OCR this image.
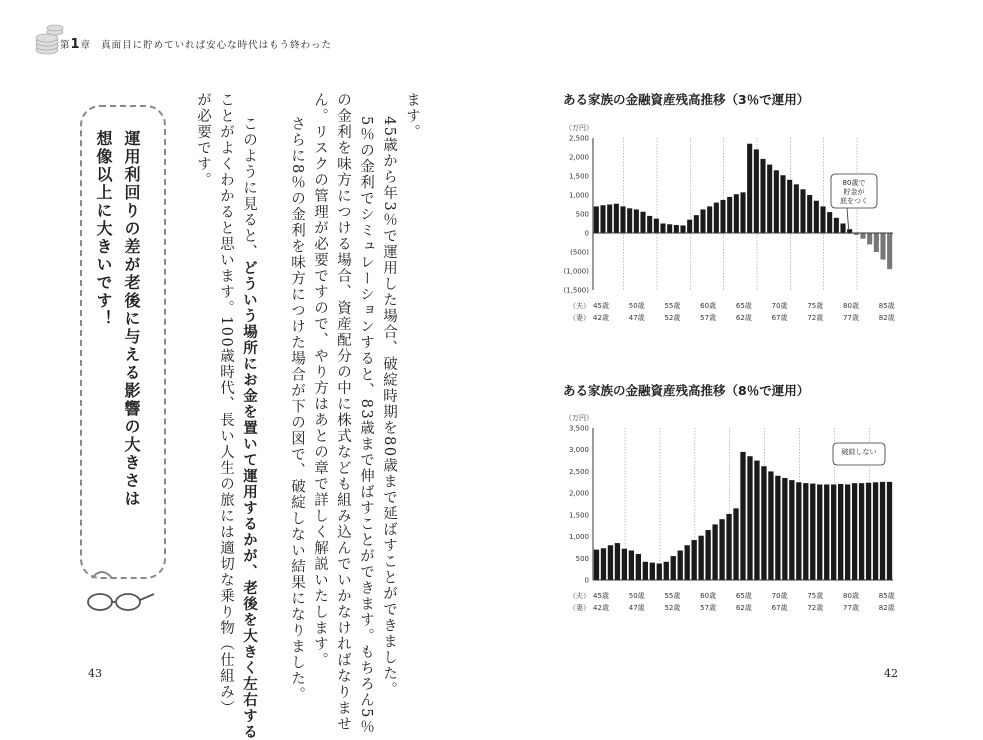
第1章 真面目に貯めていれば安心な時代はもう終わった
ます。
　45歳から年3％で運用した場合、破綻時期を80歳まで延ばすことができました。
　5％の金利でシミュレーションすると、83歳まで伸ばすことができます。もちろん5％
の金利を味方につける場合、資産配分の中に株式なども組み込んでいかなければなりませ
ん。リスクの管理が必要ですので、やり方はあとの章で詳しく解説いたします。
　さらに8％の金利を味方につけた場合が下の図で、破綻しない結果になりました。
　このように見ると、どういう場所にお金を置いて運用するかが、老後を大きく左右する
ことがよくわかると思います。100歳時代、長い人生の旅には適切な乗り物（仕組み）
が必要です。
運用利回りの差が老後に与える影響の大きさは
想像以上に大きいです！
43	42
ある家族の金融資産残高推移（3％で運用）
ある家族の金融資産残高推移（8％で運用）
（万円）
2,500
2,000
1,500
1,000
500
0
(500)
(1,000)
(1,500)
（夫）
（妻）
45歳
42歳
50歳
47歳
55歳
52歳
60歳
57歳
65歳
62歳
70歳
67歳
75歳
72歳
80歳
77歳
85歳
82歳
80歳で
貯金が
底をつく
（万円）
3,500
3,000
2,500
2,000
1,500
1,000
500
0
（夫）
（妻）
45歳
42歳
50歳
47歳
55歳
52歳
60歳
57歳
65歳
62歳
70歳
67歳
75歳
72歳
80歳
77歳
85歳
82歳
破綻しない
